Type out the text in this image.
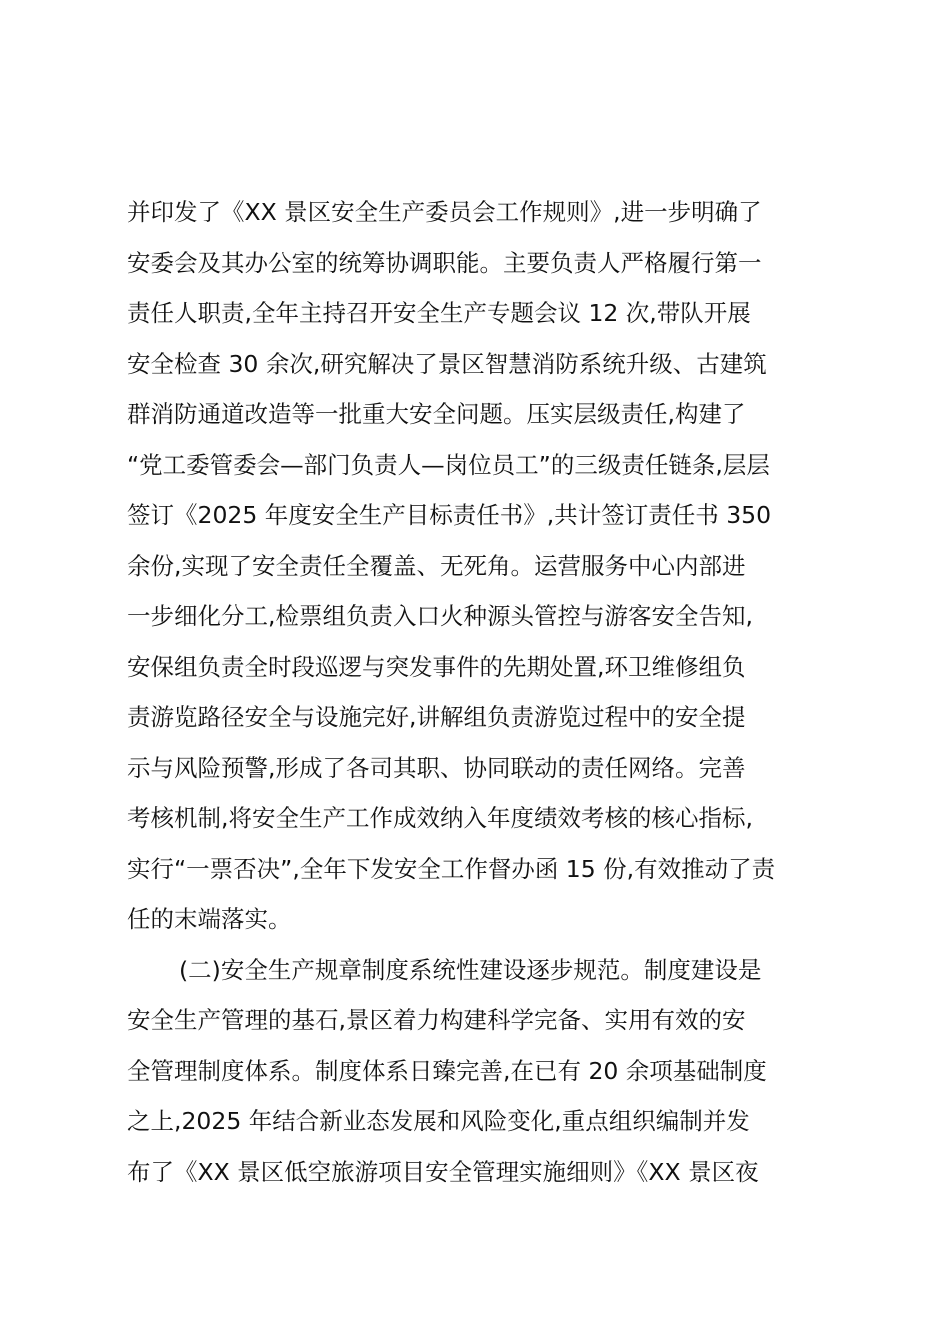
并印发了《XX 景区安全生产委员会工作规则》,进一步明确了
安委会及其办公室的统筹协调职能。主要负责人严格履行第一
责任人职责,全年主持召开安全生产专题会议 12 次,带队开展
安全检查 30 余次,研究解决了景区智慧消防系统升级、古建筑
群消防通道改造等一批重大安全问题。压实层级责任,构建了
“党工委管委会—部门负责人—岗位员工”的三级责任链条,层层
签订《2025 年度安全生产目标责任书》,共计签订责任书 350
余份,实现了安全责任全覆盖、无死角。运营服务中心内部进
一步细化分工,检票组负责入口火种源头管控与游客安全告知,
安保组负责全时段巡逻与突发事件的先期处置,环卫维修组负
责游览路径安全与设施完好,讲解组负责游览过程中的安全提
示与风险预警,形成了各司其职、协同联动的责任网络。完善
考核机制,将安全生产工作成效纳入年度绩效考核的核心指标,
实行“一票否决”,全年下发安全工作督办函 15 份,有效推动了责
任的末端落实。
(二)安全生产规章制度系统性建设逐步规范。制度建设是
安全生产管理的基石,景区着力构建科学完备、实用有效的安
全管理制度体系。制度体系日臻完善,在已有 20 余项基础制度
之上,2025 年结合新业态发展和风险变化,重点组织编制并发
布了《XX 景区低空旅游项目安全管理实施细则》《XX 景区夜
